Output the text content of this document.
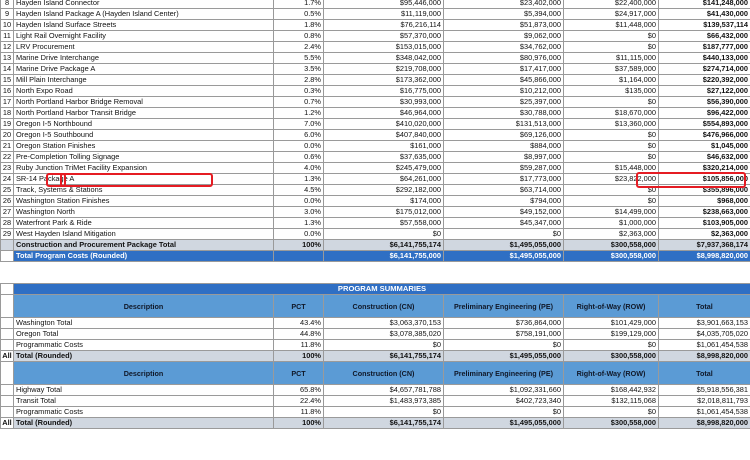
8	Hayden Island Connector	1.7%	$95,446,000	$23,402,000	$22,400,000	$141,248,000
9	Hayden Island Package A (Hayden Island Center)	0.5%	$11,119,000	$5,394,000	$24,917,000	$41,430,000
10	Hayden Island Surface Streets	1.8%	$76,216,114	$51,873,000	$11,448,000	$139,537,114
11	Light Rail Overnight Facility	0.8%	$57,370,000	$9,062,000	$0	$66,432,000
12	LRV Procurement	2.4%	$153,015,000	$34,762,000	$0	$187,777,000
13	Marine Drive Interchange	5.5%	$348,042,000	$80,976,000	$11,115,000	$440,133,000
14	Marine Drive Package A	3.5%	$219,708,000	$17,417,000	$37,589,000	$274,714,000
15	Mill Plain Interchange	2.8%	$173,362,000	$45,866,000	$1,164,000	$220,392,000
16	North Expo Road	0.3%	$16,775,000	$10,212,000	$135,000	$27,122,000
17	North Portland Harbor Bridge Removal	0.7%	$30,993,000	$25,397,000	$0	$56,390,000
18	North Portland Harbor Transit Bridge	1.2%	$46,964,000	$30,788,000	$18,670,000	$96,422,000
19	Oregon I-5 Northbound	7.0%	$410,020,000	$131,513,000	$13,360,000	$554,893,000
20	Oregon I-5 Southbound	6.0%	$407,840,000	$69,126,000	$0	$476,966,000
21	Oregon Station Finishes	0.0%	$161,000	$884,000	$0	$1,045,000
22	Pre-Completion Tolling Signage	0.6%	$37,635,000	$8,997,000	$0	$46,632,000
23	Ruby Junction TriMet Facility Expansion	4.0%	$245,479,000	$59,287,000	$15,448,000	$320,214,000
24	SR-14 Package A	1.3%	$64,261,000	$17,773,000	$23,822,000	$105,856,000
25	Track, Systems & Stations	4.5%	$292,182,000	$63,714,000	$0	$355,896,000
26	Washington Station Finishes	0.0%	$174,000	$794,000	$0	$968,000
27	Washington North	3.0%	$175,012,000	$49,152,000	$14,499,000	$238,663,000
28	Waterfront Park & Ride	1.3%	$57,558,000	$45,347,000	$1,000,000	$103,905,000
29	West Hayden Island Mitigation	0.0%	$0	$0	$2,363,000	$2,363,000
	Construction and Procurement Package Total	100%	$6,141,755,174	$1,495,055,000	$300,558,000	$7,937,368,174
	Total Program Costs (Rounded)		$6,141,755,000	$1,495,055,000	$300,558,000	$8,998,820,000
	PROGRAM SUMMARIES					
	Description	PCT	Construction (CN)	Preliminary Engineering (PE)	Right-of-Way (ROW)	Total
	Washington Total	43.4%	$3,063,370,153	$736,864,000	$101,429,000	$3,901,663,153
	Oregon Total	44.8%	$3,078,385,020	$758,191,000	$199,129,000	$4,035,705,020
	Programmatic Costs	11.8%	$0	$0	$0	$1,061,454,538
All	Total (Rounded)	100%	$6,141,755,174	$1,495,055,000	$300,558,000	$8,998,820,000
	Description	PCT	Construction (CN)	Preliminary Engineering (PE)	Right-of-Way (ROW)	Total
	Highway Total	65.8%	$4,657,781,788	$1,092,331,660	$168,442,932	$5,918,556,381
	Transit Total	22.4%	$1,483,973,385	$402,723,340	$132,115,068	$2,018,811,793
	Programmatic Costs	11.8%	$0	$0	$0	$1,061,454,538
All	Total (Rounded)	100%	$6,141,755,174	$1,495,055,000	$300,558,000	$8,998,820,000
